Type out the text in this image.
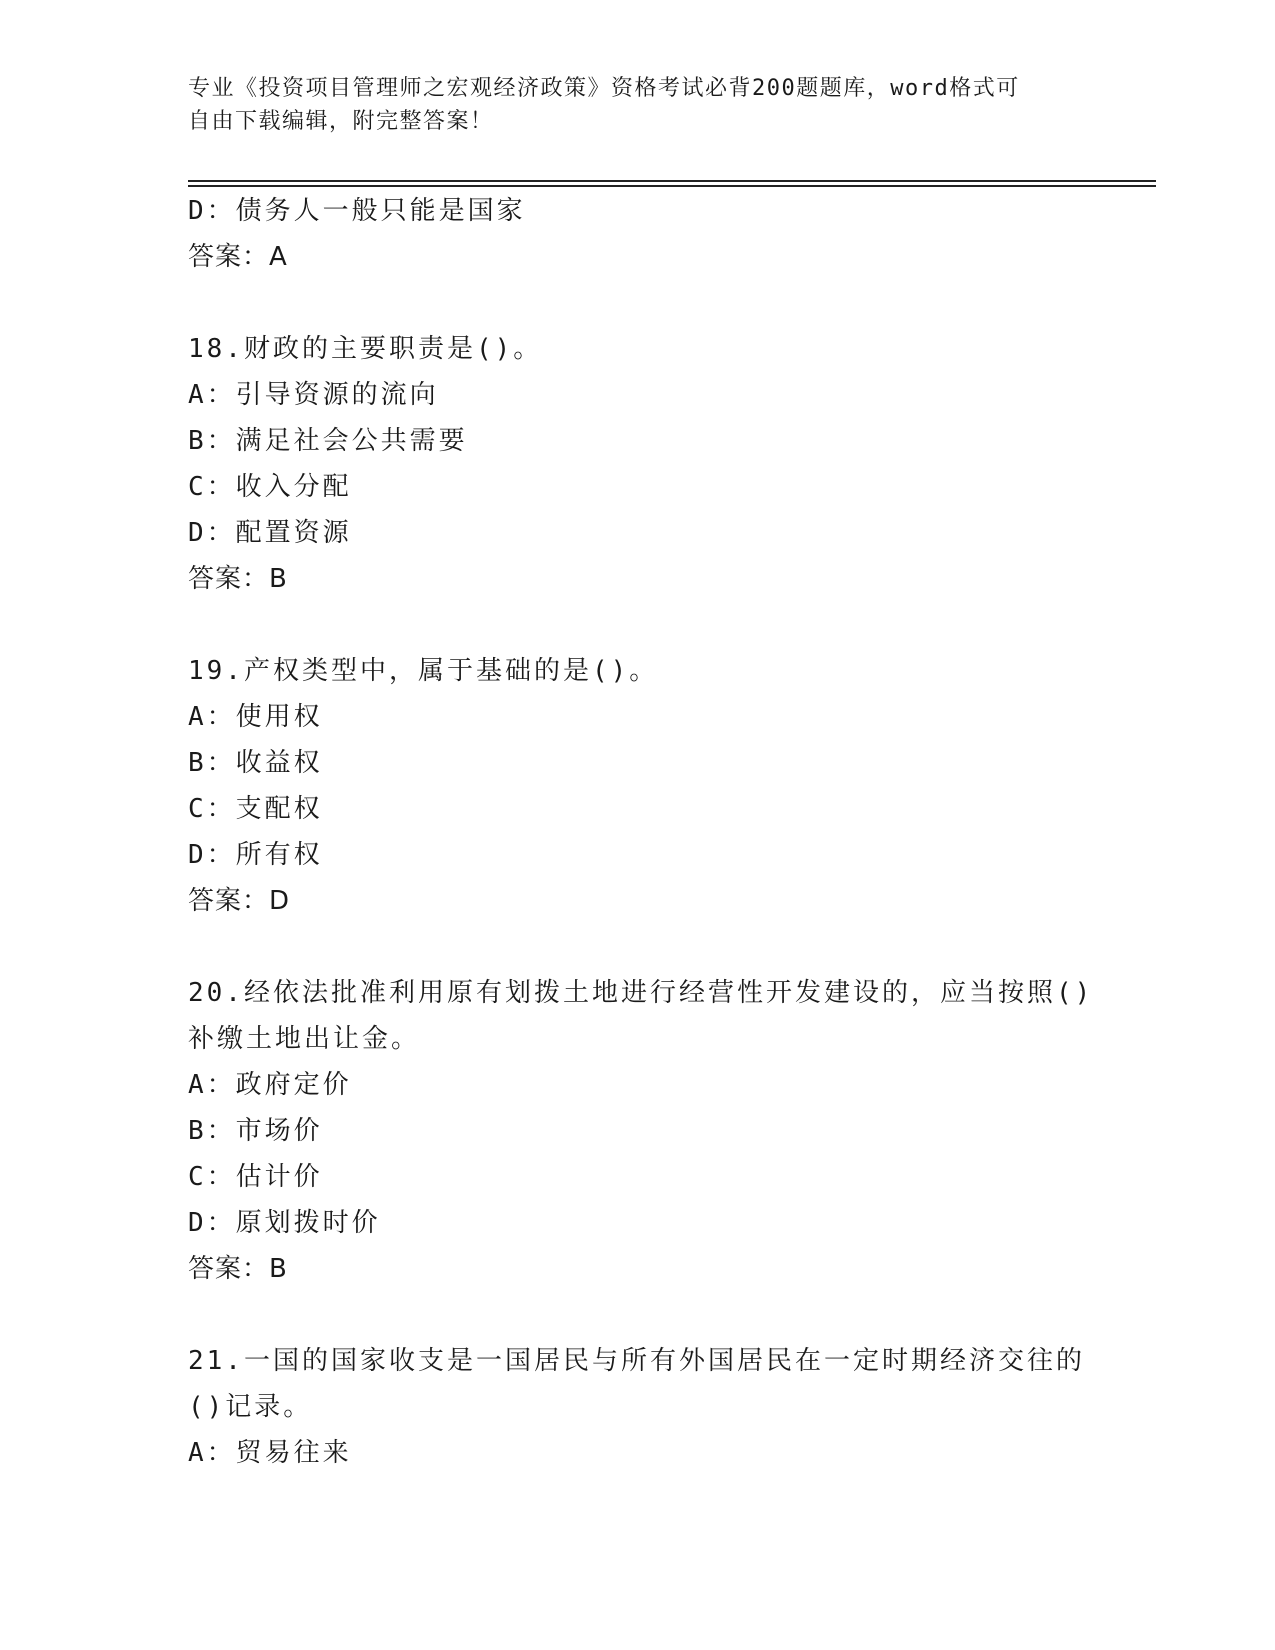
专业《投资项目管理师之宏观经济政策》资格考试必背200题题库，word格式可
自由下载编辑，附完整答案！
D：债务人一般只能是国家
答案：A
18.财政的主要职责是()。
A：引导资源的流向
B：满足社会公共需要
C：收入分配
D：配置资源
答案：B
19.产权类型中，属于基础的是()。
A：使用权
B：收益权
C：支配权
D：所有权
答案：D
20.经依法批准利用原有划拨土地进行经营性开发建设的，应当按照()
补缴土地出让金。
A：政府定价
B：市场价
C：估计价
D：原划拨时价
答案：B
21.一国的国家收支是一国居民与所有外国居民在一定时期经济交往的
()记录。
A：贸易往来
